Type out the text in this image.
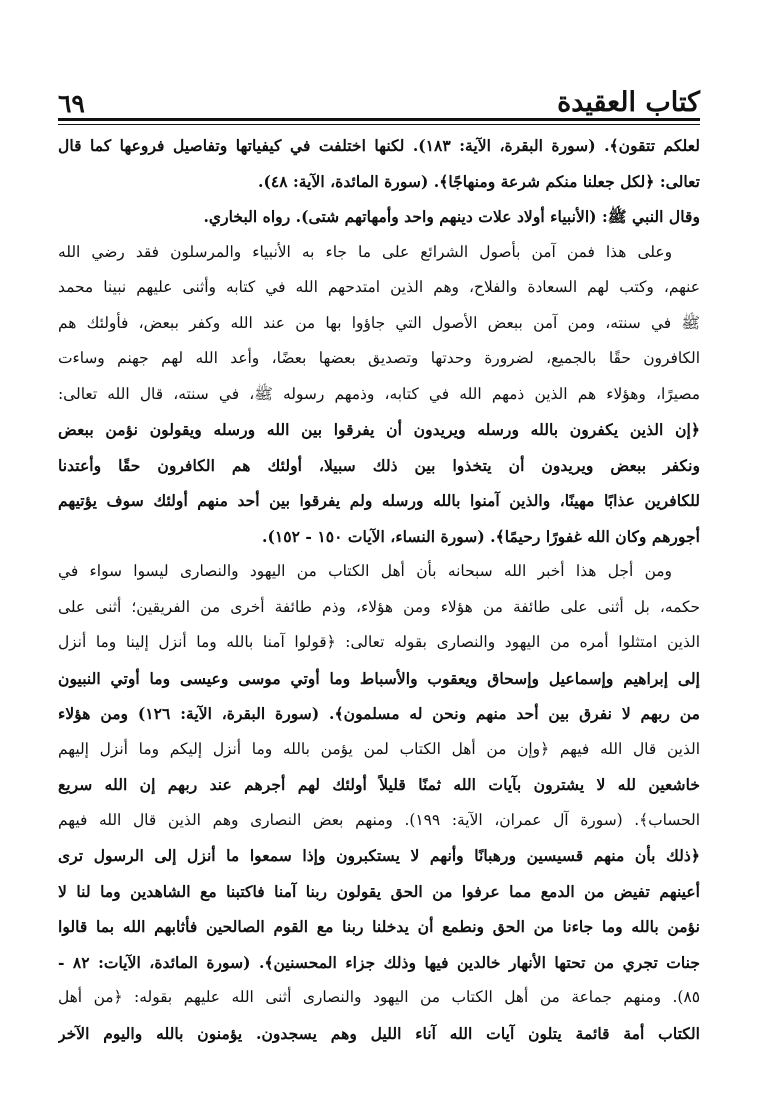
٦٩	كتاب العقيدة
لعلكم تتقون﴾. (سورة البقرة، الآية: ١٨٣). لكنها اختلفت في كيفياتها وتفاصيل فروعها كما قال
تعالى: ﴿لكل جعلنا منكم شرعة ومنهاجًا﴾. (سورة المائدة، الآية: ٤٨).
وقال النبي ﷺ: (الأنبياء أولاد علات دينهم واحد وأمهاتهم شتى). رواه البخاري.
وعلى هذا فمن آمن بأصول الشرائع على ما جاء به الأنبياء والمرسلون فقد رضي الله
عنهم، وكتب لهم السعادة والفلاح، وهم الذين امتدحهم الله في كتابه وأثنى عليهم نبينا محمد
ﷺ في سنته، ومن آمن ببعض الأصول التي جاؤوا بها من عند الله وكفر ببعض، فأولئك هم
الكافرون حقًا بالجميع، لضرورة وحدتها وتصديق بعضها بعضًا، وأعد الله لهم جهنم وساءت
مصيرًا، وهؤلاء هم الذين ذمهم الله في كتابه، وذمهم رسوله ﷺ، في سنته، قال الله تعالى:
﴿إن الذين يكفرون بالله ورسله ويريدون أن يفرقوا بين الله ورسله ويقولون نؤمن ببعض
ونكفر ببعض ويريدون أن يتخذوا بين ذلك سبيلا، أولئك هم الكافرون حقًا وأعتدنا
للكافرين عذابًا مهينًا، والذين آمنوا بالله ورسله ولم يفرقوا بين أحد منهم أولئك سوف يؤتيهم
أجورهم وكان الله غفورًا رحيمًا﴾. (سورة النساء، الآيات ١٥٠ - ١٥٢).
ومن أجل هذا أخبر الله سبحانه بأن أهل الكتاب من اليهود والنصارى ليسوا سواء في
حكمه، بل أثنى على طائفة من هؤلاء ومن هؤلاء، وذم طائفة أخرى من الفريقين؛ أثنى على
الذين امتثلوا أمره من اليهود والنصارى بقوله تعالى: ﴿قولوا آمنا بالله وما أنزل إلينا وما أنزل
إلى إبراهيم وإسماعيل وإسحاق ويعقوب والأسباط وما أوتي موسى وعيسى وما أوتي النبيون
من ربهم لا نفرق بين أحد منهم ونحن له مسلمون﴾. (سورة البقرة، الآية: ١٢٦) ومن هؤلاء
الذين قال الله فيهم ﴿وإن من أهل الكتاب لمن يؤمن بالله وما أنزل إليكم وما أنزل إليهم
خاشعين لله لا يشترون بآيات الله ثمنًا قليلاً أولئك لهم أجرهم عند ربهم إن الله سريع
الحساب﴾. (سورة آل عمران، الآية: ١٩٩). ومنهم بعض النصارى وهم الذين قال الله فيهم
﴿ذلك بأن منهم قسيسين ورهبانًا وأنهم لا يستكبرون وإذا سمعوا ما أنزل إلى الرسول ترى
أعينهم تفيض من الدمع مما عرفوا من الحق يقولون ربنا آمنا فاكتبنا مع الشاهدين وما لنا لا
نؤمن بالله وما جاءنا من الحق ونطمع أن يدخلنا ربنا مع القوم الصالحين فأثابهم الله بما قالوا
جنات تجري من تحتها الأنهار خالدين فيها وذلك جزاء المحسنين﴾. (سورة المائدة، الآيات: ٨٢ -
٨٥). ومنهم جماعة من أهل الكتاب من اليهود والنصارى أثنى الله عليهم بقوله: ﴿من أهل
الكتاب أمة قائمة يتلون آيات الله آناء الليل وهم يسجدون. يؤمنون بالله واليوم الآخر
